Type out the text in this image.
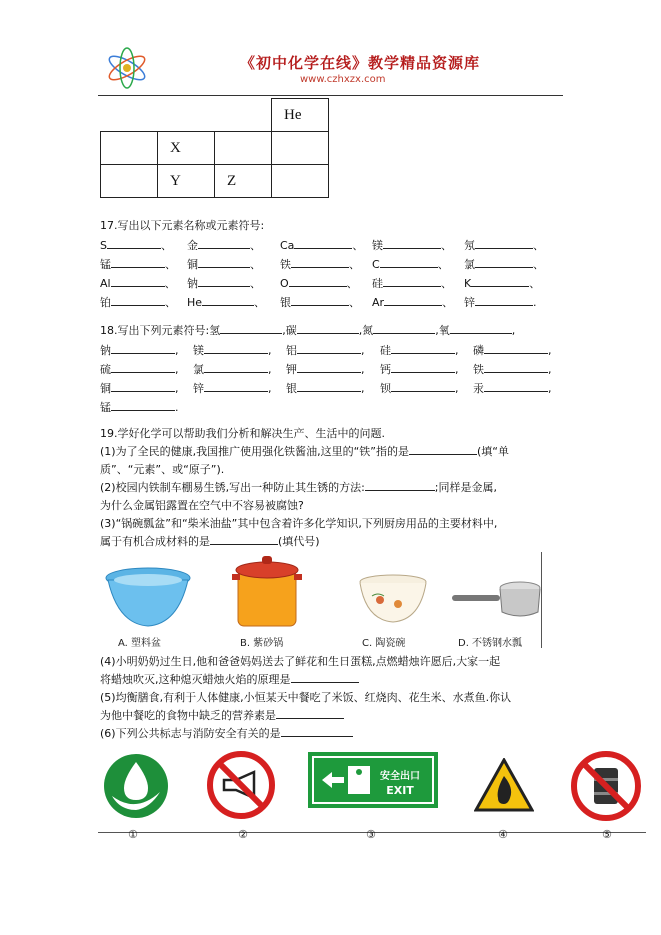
《初中化学在线》教学精品资源库
www.czhxzx.com
			He
	X		
	Y	Z	
17.写出以下元素名称或元素符号:
S	、 金	、 Ca	、 镁	、 氖	、
锰	、 铜	、 铁	、 C	、 氯	、
Al	、 钠	、 O	、 硅	、 K	、
铂	、 He	、 银	、 Ar	、 锌	.
18.写出下列元素符号:氢	,碳	,氮	,氧	,
钠	, 镁	, 铝	, 硅	, 磷	,
硫	, 氯	, 钾	, 钙	, 铁	,
铜	, 锌	, 银	, 钡	, 汞	,
锰	.
19.学好化学可以帮助我们分析和解决生产、生活中的问题.
(1)为了全民的健康,我国推广使用强化铁酱油,这里的“铁”指的是	(填“单
质”、“元素”、或“原子”).
(2)校园内铁制车棚易生锈,写出一种防止其生锈的方法:	;同样是金属,
为什么金属铝露置在空气中不容易被腐蚀?
(3)“锅碗瓢盆”和“柴米油盐”其中包含着许多化学知识,下列厨房用品的主要材料中,
属于有机合成材料的是	(填代号)
A. 塑料盆	B. 紫砂锅	C. 陶瓷碗	D. 不锈钢水瓢
(4)小明奶奶过生日,他和爸爸妈妈送去了鲜花和生日蛋糕,点燃蜡烛许愿后,大家一起
将蜡烛吹灭,这种熄灭蜡烛火焰的原理是
(5)均衡膳食,有利于人体健康,小恒某天中餐吃了米饭、红烧肉、花生米、水煮鱼.你认
为他中餐吃的食物中缺乏的营养素是
(6)下列公共标志与消防安全有关的是
安全出口
EXIT
①	②	③	④	⑤
